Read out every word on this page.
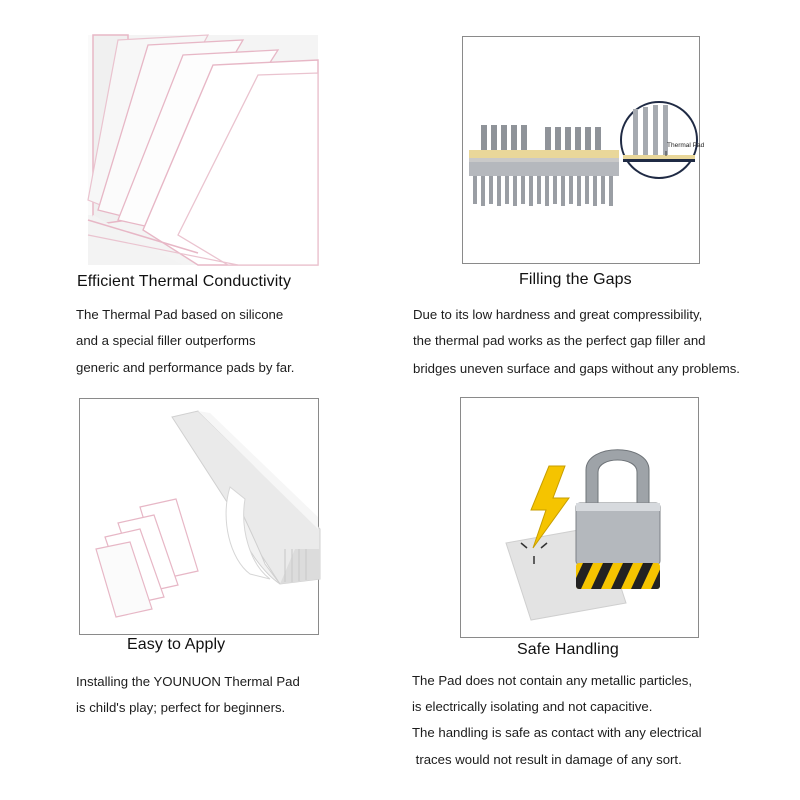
Efficient Thermal Conductivity
The Thermal Pad based on silicone
and a special filler outperforms
generic and performance pads by far.
Thermal Pad
Filling the Gaps
Due to its low hardness and great compressibility,
the thermal pad works as the perfect gap filler and
bridges uneven surface and gaps without any problems.
Easy to Apply
Installing the YOUNUON Thermal Pad
is child's play; perfect for beginners.
Safe Handling
The Pad does not contain any metallic particles,
is electrically isolating and not capacitive.
The handling is safe as contact with any electrical
traces would not result in damage of any sort.
